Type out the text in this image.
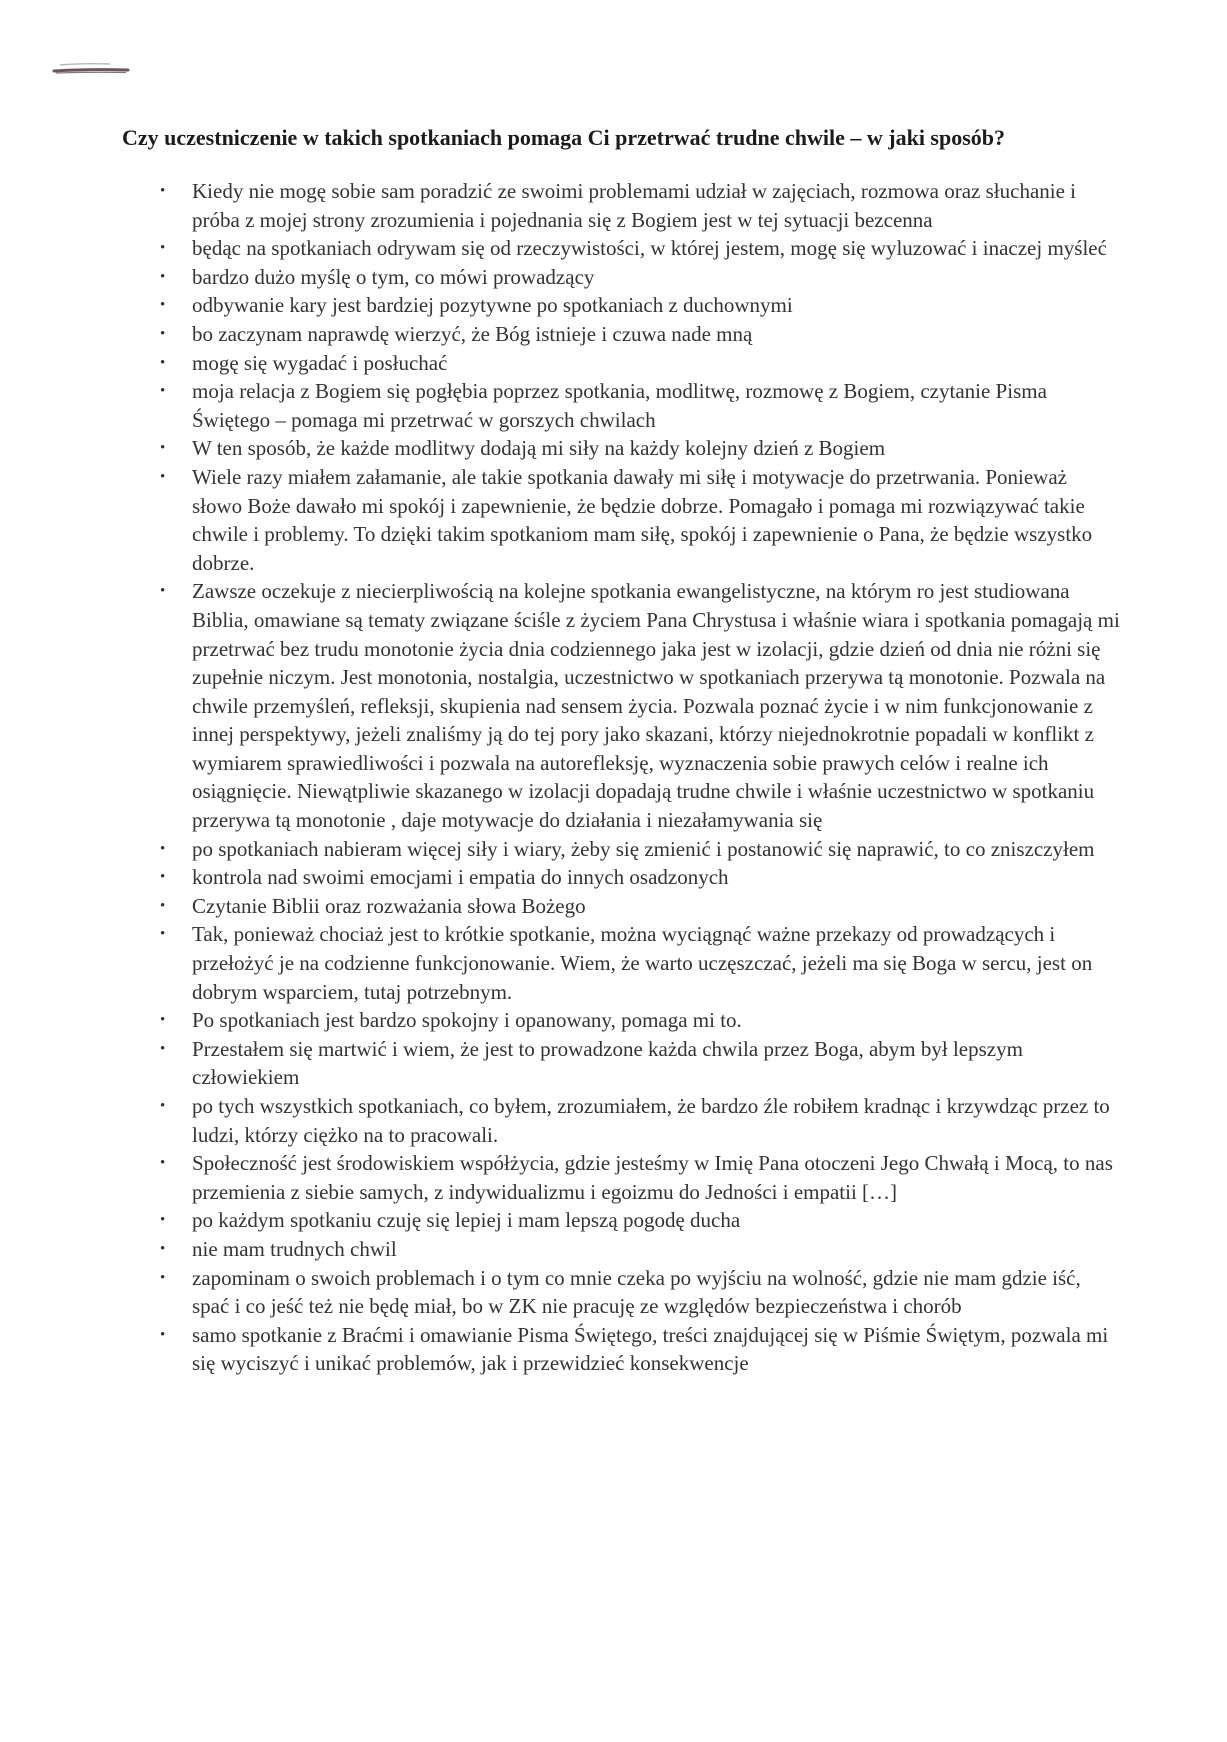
Czy uczestniczenie w takich spotkaniach pomaga Ci przetrwać trudne chwile – w jaki sposób?
• Kiedy nie mogę sobie sam poradzić ze swoimi problemami udział w zajęciach, rozmowa oraz słuchanie i próba z mojej strony zrozumienia i pojednania się z Bogiem jest w tej sytuacji bezcenna
• będąc na spotkaniach odrywam się od rzeczywistości, w której jestem, mogę się wyluzować i inaczej myśleć
• bardzo dużo myślę o tym, co mówi prowadzący
• odbywanie kary jest bardziej pozytywne po spotkaniach z duchownymi
• bo zaczynam naprawdę wierzyć, że Bóg istnieje i czuwa nade mną
• mogę się wygadać i posłuchać
• moja relacja z Bogiem się pogłębia poprzez spotkania, modlitwę, rozmowę z Bogiem, czytanie Pisma Świętego – pomaga mi przetrwać w gorszych chwilach
• W ten sposób, że każde modlitwy dodają mi siły na każdy kolejny dzień z Bogiem
• Wiele razy miałem załamanie, ale takie spotkania dawały mi siłę i motywacje do przetrwania. Ponieważ słowo Boże dawało mi spokój i zapewnienie, że będzie dobrze. Pomagało i pomaga mi rozwiązywać takie chwile i problemy. To dzięki takim spotkaniom mam siłę, spokój i zapewnienie o Pana, że będzie wszystko dobrze.
• Zawsze oczekuje z niecierpliwością na kolejne spotkania ewangelistyczne, na którym ro jest studiowana Biblia, omawiane są tematy związane ściśle z życiem Pana Chrystusa i właśnie wiara i spotkania pomagają mi przetrwać bez trudu monotonie życia dnia codziennego jaka jest w izolacji, gdzie dzień od dnia nie różni się zupełnie niczym. Jest monotonia, nostalgia, uczestnictwo w spotkaniach przerywa tą monotonie. Pozwala na chwile przemyśleń, refleksji, skupienia nad sensem życia. Pozwala poznać życie i w nim funkcjonowanie z innej perspektywy, jeżeli znaliśmy ją do tej pory jako skazani, którzy niejednokrotnie popadali w konflikt z wymiarem sprawiedliwości i pozwala na autorefleksję, wyznaczenia sobie prawych celów i realne ich osiągnięcie. Niewątpliwie skazanego w izolacji dopadają trudne chwile i właśnie uczestnictwo w spotkaniu przerywa tą monotonie , daje motywacje do działania i niezałamywania się
• po spotkaniach nabieram więcej siły i wiary, żeby się zmienić i postanowić się naprawić, to co zniszczyłem
• kontrola nad swoimi emocjami i empatia do innych osadzonych
• Czytanie Biblii oraz rozważania słowa Bożego
• Tak, ponieważ chociaż jest to krótkie spotkanie, można wyciągnąć ważne przekazy od prowadzących i przełożyć je na codzienne funkcjonowanie. Wiem, że warto uczęszczać, jeżeli ma się Boga w sercu, jest on dobrym wsparciem, tutaj potrzebnym.
• Po spotkaniach jest bardzo spokojny i opanowany, pomaga mi to.
• Przestałem się martwić i wiem, że jest to prowadzone każda chwila przez Boga, abym był lepszym człowiekiem
• po tych wszystkich spotkaniach, co byłem, zrozumiałem, że bardzo źle robiłem kradnąc i krzywdząc przez to ludzi, którzy ciężko na to pracowali.
• Społeczność jest środowiskiem współżycia, gdzie jesteśmy w Imię Pana otoczeni Jego Chwałą i Mocą, to nas przemienia z siebie samych, z indywidualizmu i egoizmu do Jedności i empatii […]
• po każdym spotkaniu czuję się lepiej i mam lepszą pogodę ducha
• nie mam trudnych chwil
• zapominam o swoich problemach i o tym co mnie czeka po wyjściu na wolność, gdzie nie mam gdzie iść, spać i co jeść też nie będę miał, bo w ZK nie pracuję ze względów bezpieczeństwa i chorób
• samo spotkanie z Braćmi i omawianie Pisma Świętego, treści znajdującej się w Piśmie Świętym, pozwala mi się wyciszyć i unikać problemów, jak i przewidzieć konsekwencje
